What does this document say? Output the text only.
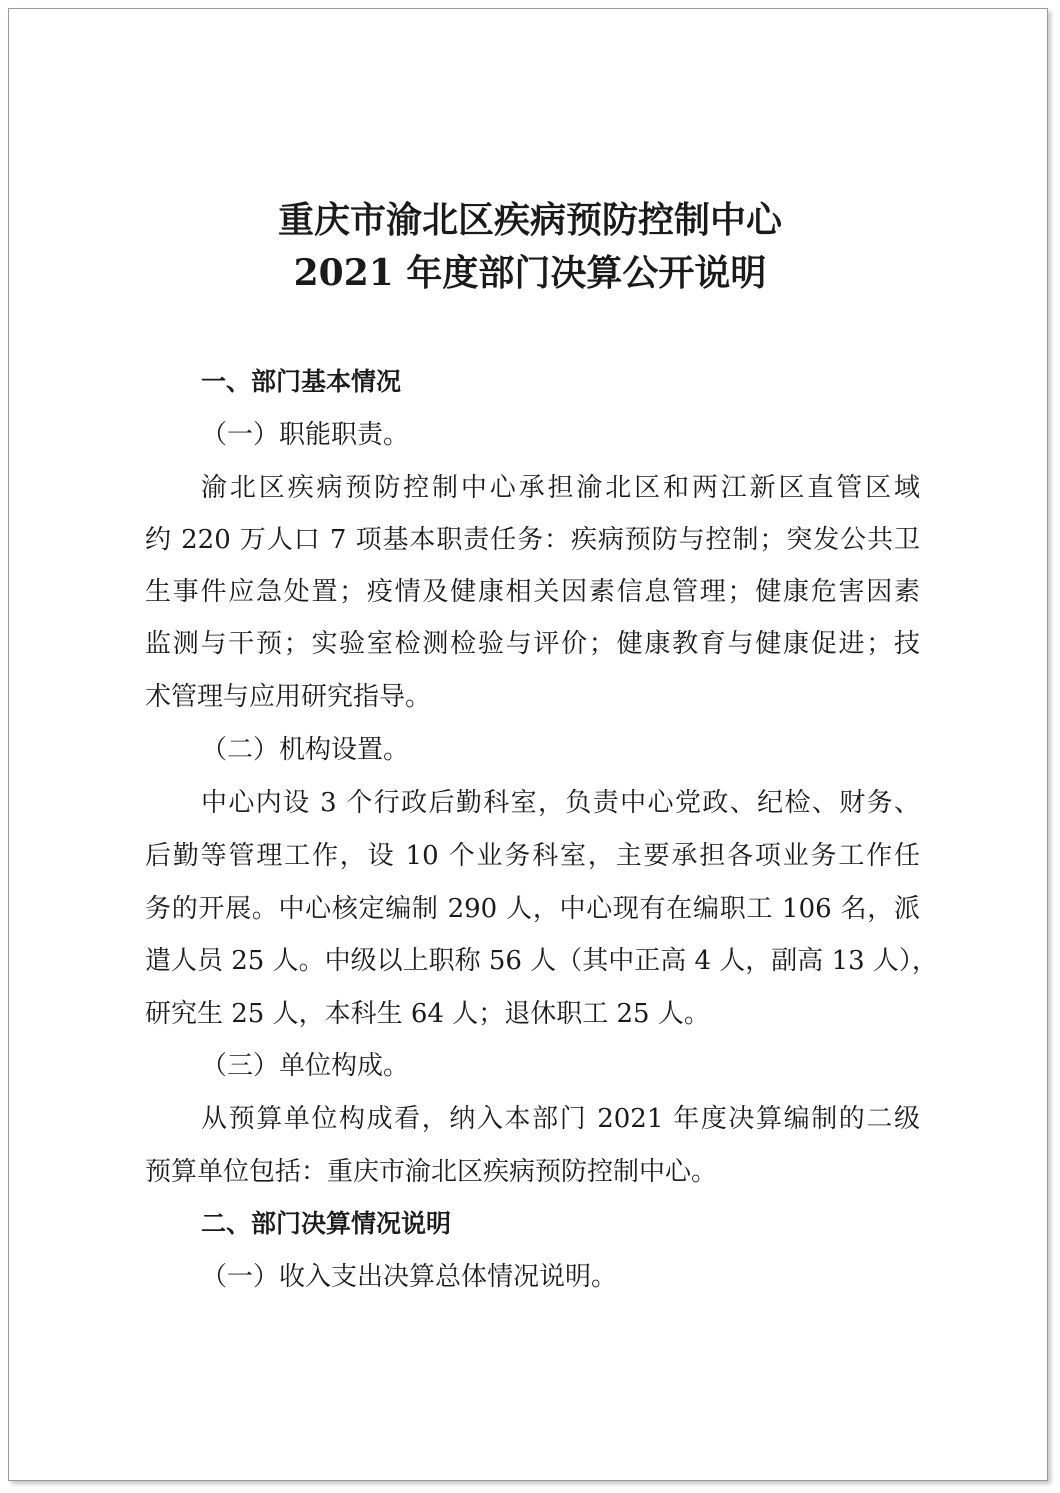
重庆市渝北区疾病预防控制中心
2021 年度部门决算公开说明
一、部门基本情况
（一）职能职责。
渝北区疾病预防控制中心承担渝北区和两江新区直管区域
约 220 万人口 7 项基本职责任务：疾病预防与控制；突发公共卫
生事件应急处置；疫情及健康相关因素信息管理；健康危害因素
监测与干预；实验室检测检验与评价；健康教育与健康促进；技
术管理与应用研究指导。
（二）机构设置。
中心内设 3 个行政后勤科室，负责中心党政、纪检、财务、
后勤等管理工作，设 10 个业务科室，主要承担各项业务工作任
务的开展。中心核定编制 290 人，中心现有在编职工 106 名，派
遣人员 25 人。中级以上职称 56 人（其中正高 4 人，副高 13 人），
研究生 25 人，本科生 64 人；退休职工 25 人。
（三）单位构成。
从预算单位构成看，纳入本部门 2021 年度决算编制的二级
预算单位包括：重庆市渝北区疾病预防控制中心。
二、部门决算情况说明
（一）收入支出决算总体情况说明。
